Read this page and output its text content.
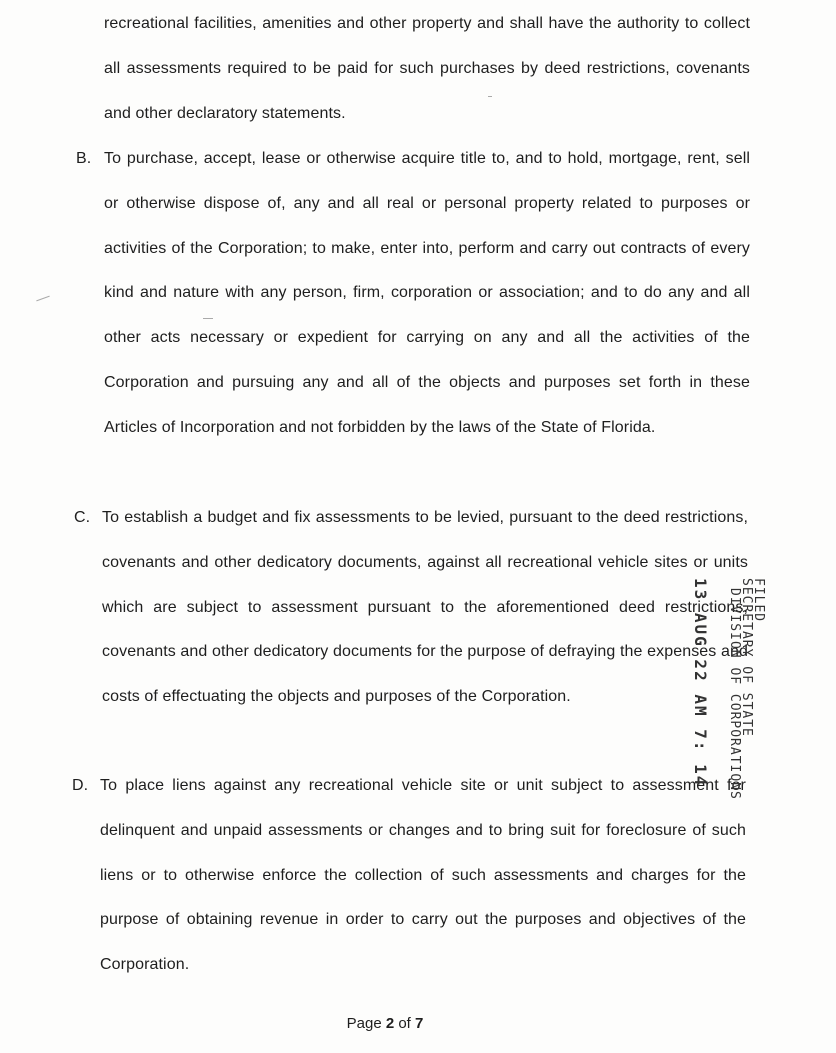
recreational facilities, amenities and other property and shall have the authority to collect all assessments required to be paid for such purchases by deed restrictions, covenants and other declaratory statements.
B. To purchase, accept, lease or otherwise acquire title to, and to hold, mortgage, rent, sell or otherwise dispose of, any and all real or personal property related to purposes or activities of the Corporation; to make, enter into, perform and carry out contracts of every kind and nature with any person, firm, corporation or association; and to do any and all other acts necessary or expedient for carrying on any and all the activities of the Corporation and pursuing any and all of the objects and purposes set forth in these Articles of Incorporation and not forbidden by the laws of the State of Florida.
C. To establish a budget and fix assessments to be levied, pursuant to the deed restrictions, covenants and other dedicatory documents, against all recreational vehicle sites or units which are subject to assessment pursuant to the aforementioned deed restrictions, covenants and other dedicatory documents for the purpose of defraying the expenses and costs of effectuating the objects and purposes of the Corporation.
D. To place liens against any recreational vehicle site or unit subject to assessment for delinquent and unpaid assessments or changes and to bring suit for foreclosure of such liens or to otherwise enforce the collection of such assessments and charges for the purpose of obtaining revenue in order to carry out the purposes and objectives of the Corporation.
FILED
SECRETARY OF STATE
DIVISION OF CORPORATIONS
13 AUG 22 AM 7: 14
Page 2 of 7
